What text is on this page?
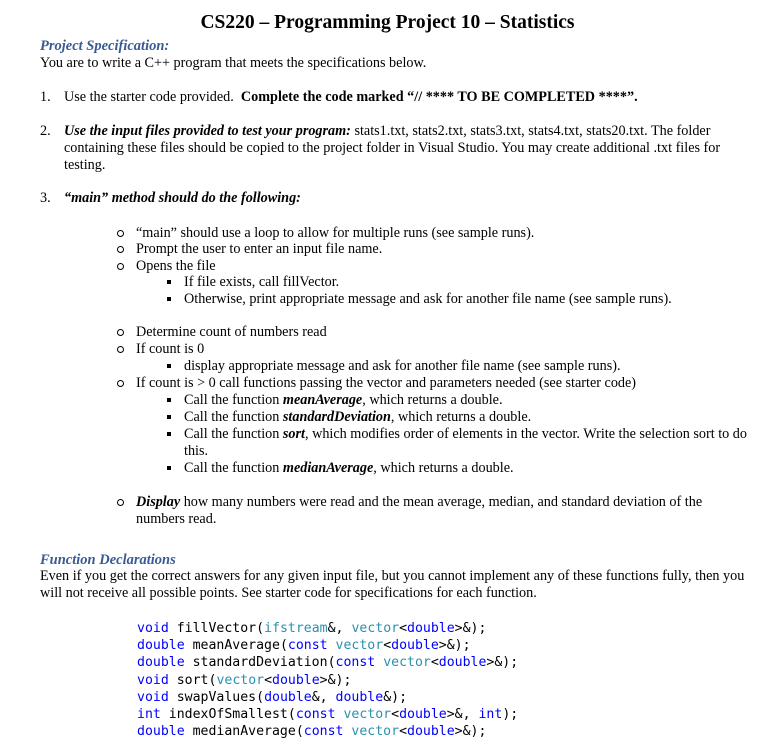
CS220 – Programming Project 10 – Statistics
Project Specification:
You are to write a C++ program that meets the specifications below.
1. Use the starter code provided. Complete the code marked “// **** TO BE COMPLETED ****”.
2. Use the input files provided to test your program: stats1.txt, stats2.txt, stats3.txt, stats4.txt, stats20.txt. The folder containing these files should be copied to the project folder in Visual Studio. You may create additional .txt files for testing.
3. “main” method should do the following:
“main” should use a loop to allow for multiple runs (see sample runs).
Prompt the user to enter an input file name.
Opens the file
If file exists, call fillVector.
Otherwise, print appropriate message and ask for another file name (see sample runs).
Determine count of numbers read
If count is 0
display appropriate message and ask for another file name (see sample runs).
If count is > 0 call functions passing the vector and parameters needed (see starter code)
Call the function meanAverage, which returns a double.
Call the function standardDeviation, which returns a double.
Call the function sort, which modifies order of elements in the vector. Write the selection sort to do this.
Call the function medianAverage, which returns a double.
Display how many numbers were read and the mean average, median, and standard deviation of the numbers read.
Function Declarations
Even if you get the correct answers for any given input file, but you cannot implement any of these functions fully, then you will not receive all possible points. See starter code for specifications for each function.
void fillVector(ifstream&, vector<double>&);
double meanAverage(const vector<double>&);
double standardDeviation(const vector<double>&);
void sort(vector<double>&);
void swapValues(double&, double&);
int indexOfSmallest(const vector<double>&, int);
double medianAverage(const vector<double>&);
